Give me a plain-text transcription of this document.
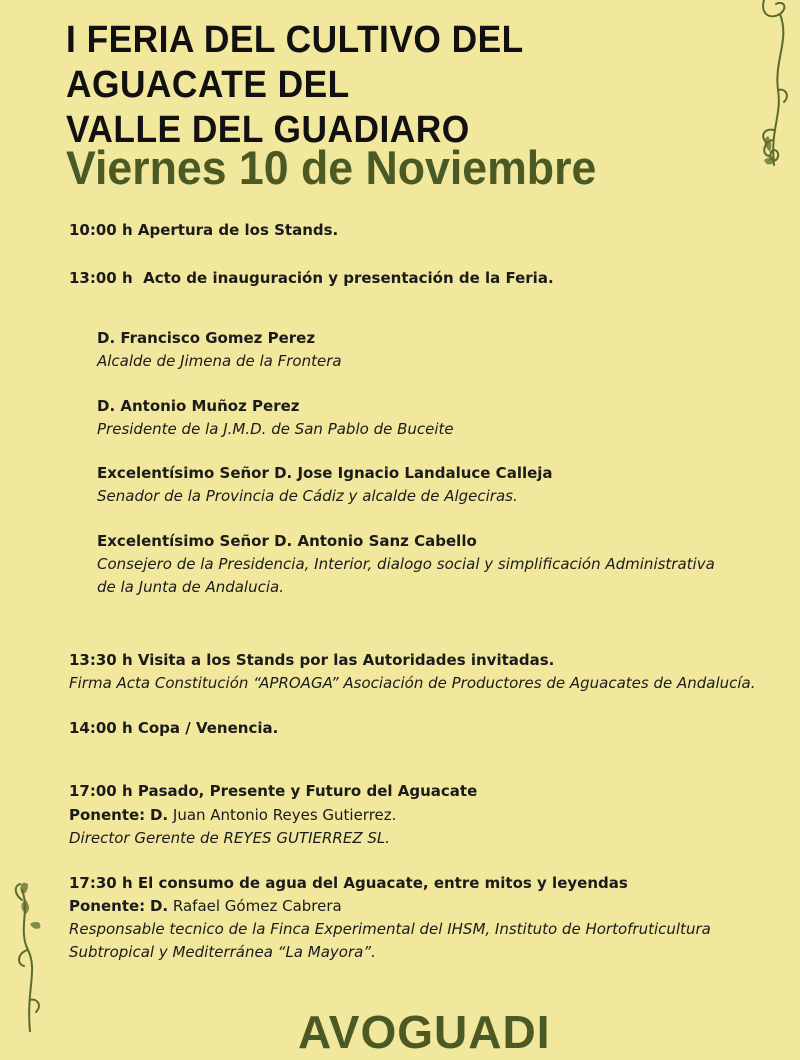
I FERIA DEL CULTIVO DEL AGUACATE DEL
VALLE DEL GUADIARO
Viernes 10 de Noviembre
10:00 h Apertura de los Stands.
13:00 h Acto de inauguración y presentación de la Feria.
D. Francisco Gomez Perez
Alcalde de Jimena de la Frontera
D. Antonio Muñoz Perez
Presidente de la J.M.D. de San Pablo de Buceite
Excelentísimo Señor D. Jose Ignacio Landaluce Calleja
Senador de la Provincia de Cádiz y alcalde de Algeciras.
Excelentísimo Señor D. Antonio Sanz Cabello
Consejero de la Presidencia, Interior, dialogo social y simplificación Administrativa
de la Junta de Andalucia.
13:30 h Visita a los Stands por las Autoridades invitadas.
Firma Acta Constitución “APROAGA” Asociación de Productores de Aguacates de Andalucía.
14:00 h Copa / Venencia.
17:00 h Pasado, Presente y Futuro del Aguacate
Ponente: D. Juan Antonio Reyes Gutierrez.
Director Gerente de REYES GUTIERREZ SL.
17:30 h El consumo de agua del Aguacate, entre mitos y leyendas
Ponente: D. Rafael Gómez Cabrera
Responsable tecnico de la Finca Experimental del IHSM, Instituto de Hortofruticultura
Subtropical y Mediterránea “La Mayora”.
AVOGUADI
